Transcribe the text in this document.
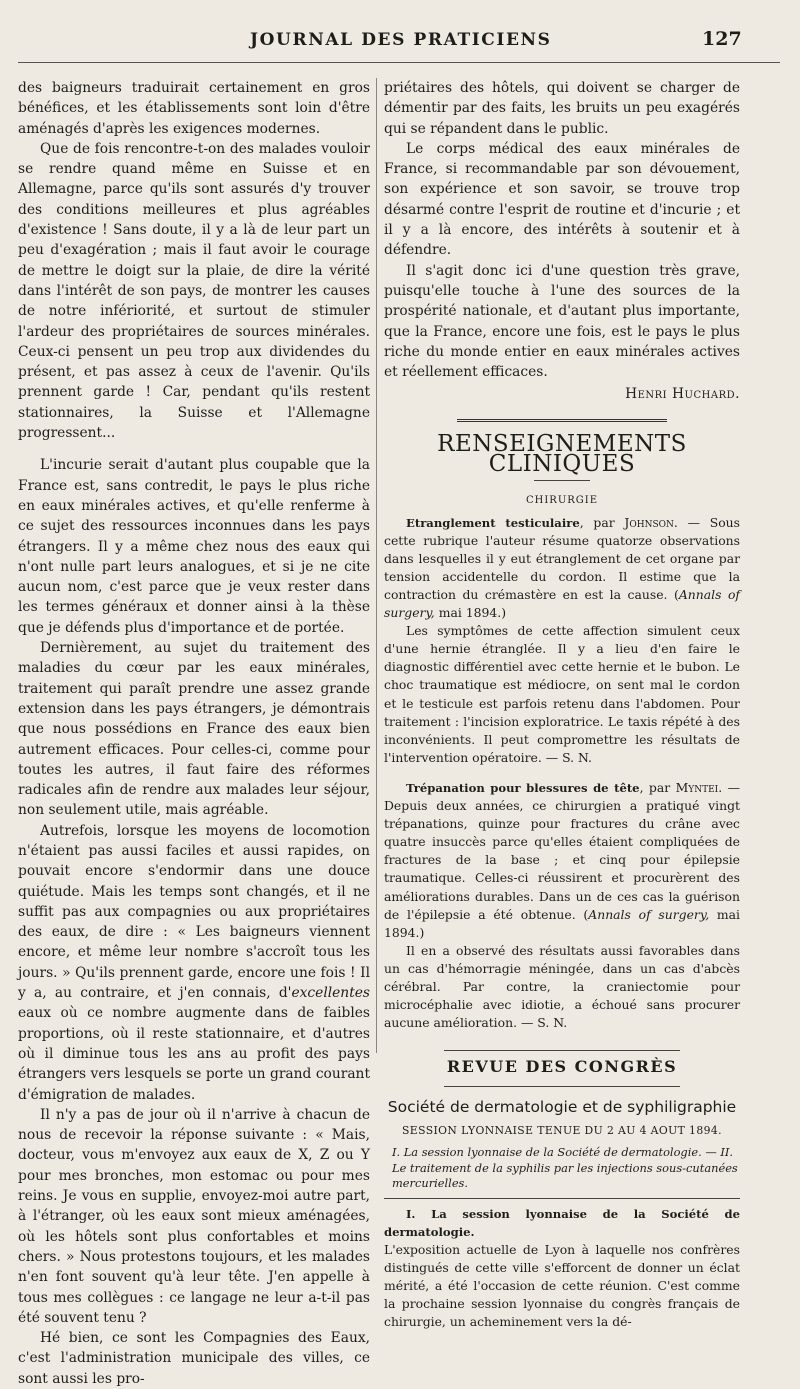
JOURNAL DES PRATICIENS	127

des baigneurs traduirait certainement en gros bénéfices, et les établissements sont loin d'être aménagés d'après les exigences modernes.

Que de fois rencontre-t-on des malades vouloir se rendre quand même en Suisse et en Allemagne, parce qu'ils sont assurés d'y trouver des conditions meilleures et plus agréables d'existence ! Sans doute, il y a là de leur part un peu d'exagération ; mais il faut avoir le courage de mettre le doigt sur la plaie, de dire la vérité dans l'intérêt de son pays, de montrer les causes de notre infériorité, et surtout de stimuler l'ardeur des propriétaires de sources minérales. Ceux-ci pensent un peu trop aux dividendes du présent, et pas assez à ceux de l'avenir. Qu'ils prennent garde ! Car, pendant qu'ils restent stationnaires, la Suisse et l'Allemagne progressent...

L'incurie serait d'autant plus coupable que la France est, sans contredit, le pays le plus riche en eaux minérales actives, et qu'elle renferme à ce sujet des ressources inconnues dans les pays étrangers. Il y a même chez nous des eaux qui n'ont nulle part leurs analogues, et si je ne cite aucun nom, c'est parce que je veux rester dans les termes généraux et donner ainsi à la thèse que je défends plus d'importance et de portée.

Dernièrement, au sujet du traitement des maladies du cœur par les eaux minérales, traitement qui paraît prendre une assez grande extension dans les pays étrangers, je démontrais que nous possédions en France des eaux bien autrement efficaces. Pour celles-ci, comme pour toutes les autres, il faut faire des réformes radicales afin de rendre aux malades leur séjour, non seulement utile, mais agréable.

Autrefois, lorsque les moyens de locomotion n'étaient pas aussi faciles et aussi rapides, on pouvait encore s'endormir dans une douce quiétude. Mais les temps sont changés, et il ne suffit pas aux compagnies ou aux propriétaires des eaux, de dire : « Les baigneurs viennent encore, et même leur nombre s'accroît tous les jours. » Qu'ils prennent garde, encore une fois ! Il y a, au contraire, et j'en connais, d'excellentes eaux où ce nombre augmente dans de faibles proportions, où il reste stationnaire, et d'autres où il diminue tous les ans au profit des pays étrangers vers lesquels se porte un grand courant d'émigration de malades.

Il n'y a pas de jour où il n'arrive à chacun de nous de recevoir la réponse suivante : « Mais, docteur, vous m'envoyez aux eaux de X, Z ou Y pour mes bronches, mon estomac ou pour mes reins. Je vous en supplie, envoyez-moi autre part, à l'étranger, où les eaux sont mieux aménagées, où les hôtels sont plus confortables et moins chers. » Nous protestons toujours, et les malades n'en font souvent qu'à leur tête. J'en appelle à tous mes collègues : ce langage ne leur a-t-il pas été souvent tenu ?

Hé bien, ce sont les Compagnies des Eaux, c'est l'administration municipale des villes, ce sont aussi les pro-

priétaires des hôtels, qui doivent se charger de démentir par des faits, les bruits un peu exagérés qui se répandent dans le public.

Le corps médical des eaux minérales de France, si recommandable par son dévouement, son expérience et son savoir, se trouve trop désarmé contre l'esprit de routine et d'incurie ; et il y a là encore, des intérêts à soutenir et à défendre.

Il s'agit donc ici d'une question très grave, puisqu'elle touche à l'une des sources de la prospérité nationale, et d'autant plus importante, que la France, encore une fois, est le pays le plus riche du monde entier en eaux minérales actives et réellement efficaces.

Henri Huchard.
RENSEIGNEMENTS CLINIQUES
CHIRURGIE

Etranglement testiculaire, par Johnson. — Sous cette rubrique l'auteur résume quatorze observations dans lesquelles il y eut étranglement de cet organe par tension accidentelle du cordon. Il estime que la contraction du crémastère en est la cause. (Annals of surgery, mai 1894.)

Les symptômes de cette affection simulent ceux d'une hernie étranglée. Il y a lieu d'en faire le diagnostic différentiel avec cette hernie et le bubon. Le choc traumatique est médiocre, on sent mal le cordon et le testicule est parfois retenu dans l'abdomen. Pour traitement : l'incision exploratrice. Le taxis répété à des inconvénients. Il peut compromettre les résultats de l'intervention opératoire. — S. N.

Trépanation pour blessures de tête, par Myntei. — Depuis deux années, ce chirurgien a pratiqué vingt trépanations, quinze pour fractures du crâne avec quatre insuccès parce qu'elles étaient compliquées de fractures de la base ; et cinq pour épilepsie traumatique. Celles-ci réussirent et procurèrent des améliorations durables. Dans un de ces cas la guérison de l'épilepsie a été obtenue. (Annals of surgery, mai 1894.)

Il en a observé des résultats aussi favorables dans un cas d'hémorragie méningée, dans un cas d'abcès cérébral. Par contre, la craniectomie pour microcéphalie avec idiotie, a échoué sans procurer aucune amélioration. — S. N.

REVUE DES CONGRÈS
Société de dermatologie et de syphiligraphie
SESSION LYONNAISE TENUE DU 2 AU 4 AOUT 1894.
I. La session lyonnaise de la Société de dermatologie. — II. Le traitement de la syphilis par les injections sous-cutanées mercurielles.

I. La session lyonnaise de la Société de dermatologie.

L'exposition actuelle de Lyon à laquelle nos confrères distingués de cette ville s'efforcent de donner un éclat mérité, a été l'occasion de cette réunion. C'est comme la prochaine session lyonnaise du congrès français de chirurgie, un acheminement vers la dé-
